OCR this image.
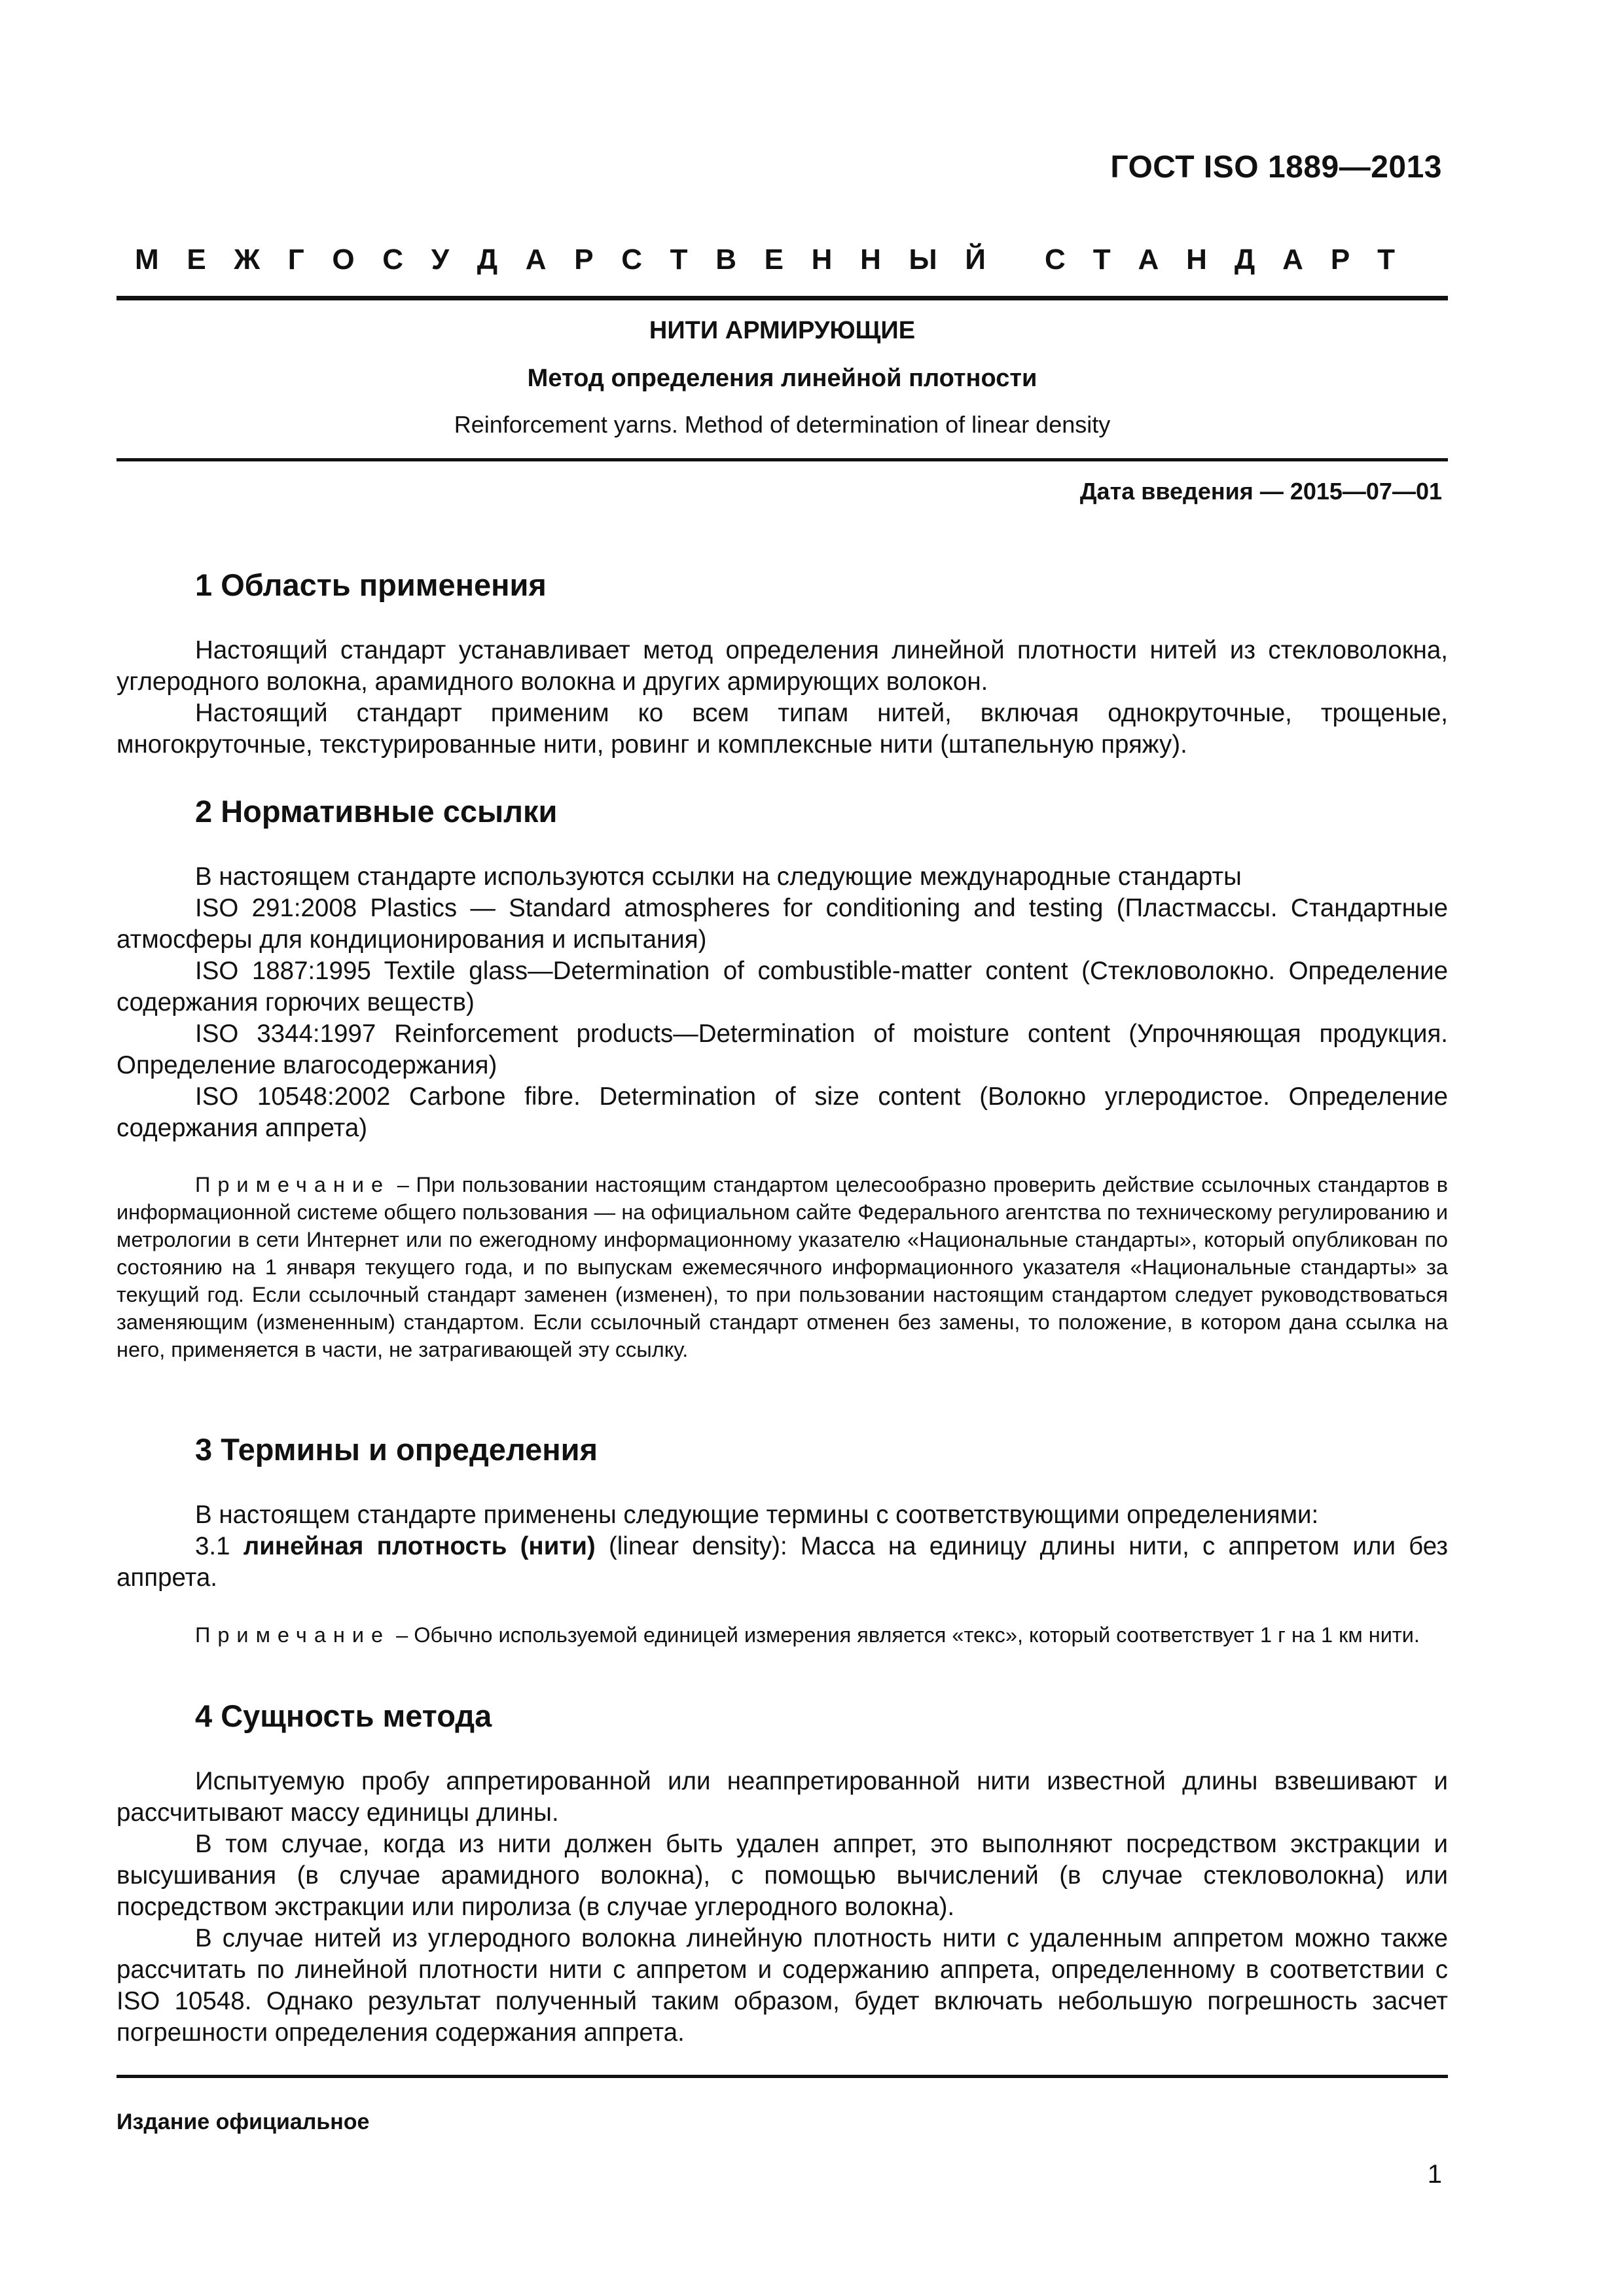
ГОСТ ISO 1889—2013
М Е Ж Г О С У Д А Р С Т В Е Н Н Ы Й С Т А Н Д А Р Т
НИТИ АРМИРУЮЩИЕ
Метод определения линейной плотности
Reinforcement yarns. Method of determination of linear density
Дата введения — 2015—07—01
1 Область применения
Настоящий стандарт устанавливает метод определения линейной плотности нитей из стекловолокна, углеродного волокна, арамидного волокна и других армирующих волокон.
Настоящий стандарт применим ко всем типам нитей, включая однокруточные, трощеные, многокруточные, текстурированные нити, ровинг и комплексные нити (штапельную пряжу).
2 Нормативные ссылки
В настоящем стандарте используются ссылки на следующие международные стандарты
ISO 291:2008 Plastics — Standard atmospheres for conditioning and testing (Пластмассы. Стандартные атмосферы для кондиционирования и испытания)
ISO 1887:1995 Textile glass—Determination of combustible-matter content (Стекловолокно. Определение содержания горючих веществ)
ISO 3344:1997 Reinforcement products—Determination of moisture content (Упрочняющая продукция. Определение влагосодержания)
ISO 10548:2002 Carbone fibre. Determination of size content (Волокно углеродистое. Определение содержания аппрета)
Примечание – При пользовании настоящим стандартом целесообразно проверить действие ссылочных стандартов в информационной системе общего пользования — на официальном сайте Федерального агентства по техническому регулированию и метрологии в сети Интернет или по ежегодному информационному указателю «Национальные стандарты», который опубликован по состоянию на 1 января текущего года, и по выпускам ежемесячного информационного указателя «Национальные стандарты» за текущий год. Если ссылочный стандарт заменен (изменен), то при пользовании настоящим стандартом следует руководствоваться заменяющим (измененным) стандартом. Если ссылочный стандарт отменен без замены, то положение, в котором дана ссылка на него, применяется в части, не затрагивающей эту ссылку.
3 Термины и определения
В настоящем стандарте применены следующие термины с соответствующими определениями:
3.1 линейная плотность (нити) (linear density): Масса на единицу длины нити, с аппретом или без аппрета.
Примечание – Обычно используемой единицей измерения является «текс», который соответствует 1 г на 1 км нити.
4 Сущность метода
Испытуемую пробу аппретированной или неаппретированной нити известной длины взвешивают и рассчитывают массу единицы длины.
В том случае, когда из нити должен быть удален аппрет, это выполняют посредством экстракции и высушивания (в случае арамидного волокна), с помощью вычислений (в случае стекловолокна) или посредством экстракции или пиролиза (в случае углеродного волокна).
В случае нитей из углеродного волокна линейную плотность нити с удаленным аппретом можно также рассчитать по линейной плотности нити с аппретом и содержанию аппрета, определенному в соответствии с ISO 10548. Однако результат полученный таким образом, будет включать небольшую погрешность засчет погрешности определения содержания аппрета.
Издание официальное
1
